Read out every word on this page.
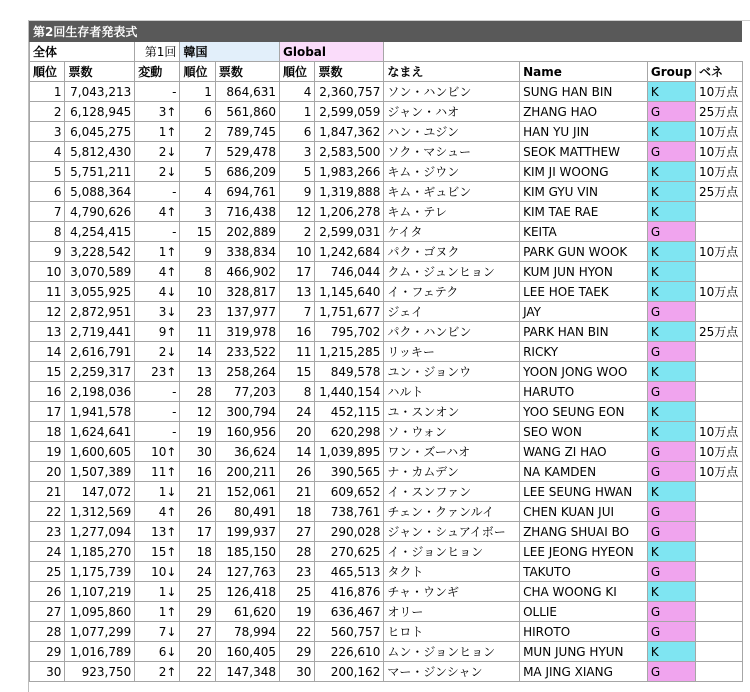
第2回生存者発表式											
全体		第1回	韓国		Global						
順位	票数	変動	順位	票数	順位	票数	なまえ	Name	Group	ベネ	
1	7,043,213	-	1	864,631	4	2,360,757	ソン・ハンビン	SUNG HAN BIN	K	10万点	
2	6,128,945	3↑	6	561,860	1	2,599,059	ジャン・ハオ	ZHANG HAO	G	25万点	
3	6,045,275	1↑	2	789,745	6	1,847,362	ハン・ユジン	HAN YU JIN	K	10万点	
4	5,812,430	2↓	7	529,478	3	2,583,500	ソク・マシュー	SEOK MATTHEW	G	10万点	
5	5,751,211	2↓	5	686,209	5	1,983,266	キム・ジウン	KIM JI WOONG	K	10万点	
6	5,088,364	-	4	694,761	9	1,319,888	キム・ギュビン	KIM GYU VIN	K	25万点	
7	4,790,626	4↑	3	716,438	12	1,206,278	キム・テレ	KIM TAE RAE	K		
8	4,254,415	-	15	202,889	2	2,599,031	ケイタ	KEITA	G		
9	3,228,542	1↑	9	338,834	10	1,242,684	パク・ゴヌク	PARK GUN WOOK	K	10万点	
10	3,070,589	4↑	8	466,902	17	746,044	クム・ジュンヒョン	KUM JUN HYON	K		
11	3,055,925	4↓	10	328,817	13	1,145,640	イ・フェテク	LEE HOE TAEK	K	10万点	
12	2,872,951	3↓	23	137,977	7	1,751,677	ジェイ	JAY	G		
13	2,719,441	9↑	11	319,978	16	795,702	パク・ハンビン	PARK HAN BIN	K	25万点	
14	2,616,791	2↓	14	233,522	11	1,215,285	リッキー	RICKY	G		
15	2,259,317	23↑	13	258,264	15	849,578	ユン・ジョンウ	YOON JONG WOO	K		
16	2,198,036	-	28	77,203	8	1,440,154	ハルト	HARUTO	G		
17	1,941,578	-	12	300,794	24	452,115	ユ・スンオン	YOO SEUNG EON	K		
18	1,624,641	-	19	160,956	20	620,298	ソ・ウォン	SEO WON	K	10万点	
19	1,600,605	10↑	30	36,624	14	1,039,895	ワン・ズーハオ	WANG ZI HAO	G	10万点	
20	1,507,389	11↑	16	200,211	26	390,565	ナ・カムデン	NA KAMDEN	G	10万点	
21	147,072	1↓	21	152,061	21	609,652	イ・スンファン	LEE SEUNG HWAN	K		
22	1,312,569	4↑	26	80,491	18	738,761	チェン・クァンルイ	CHEN KUAN JUI	G		
23	1,277,094	13↑	17	199,937	27	290,028	ジャン・シュアイボー	ZHANG SHUAI BO	G		
24	1,185,270	15↑	18	185,150	28	270,625	イ・ジョンヒョン	LEE JEONG HYEON	K		
25	1,175,739	10↓	24	127,763	23	465,513	タクト	TAKUTO	G		
26	1,107,219	1↓	25	126,418	25	416,876	チャ・ウンギ	CHA WOONG KI	K		
27	1,095,860	1↑	29	61,620	19	636,467	オリー	OLLIE	G		
28	1,077,299	7↓	27	78,994	22	560,757	ヒロト	HIROTO	G		
29	1,016,789	6↓	20	160,405	29	226,610	ムン・ジョンヒョン	MUN JUNG HYUN	K		
30	923,750	2↑	22	147,348	30	200,162	マー・ジンシャン	MA JING XIANG	G		
